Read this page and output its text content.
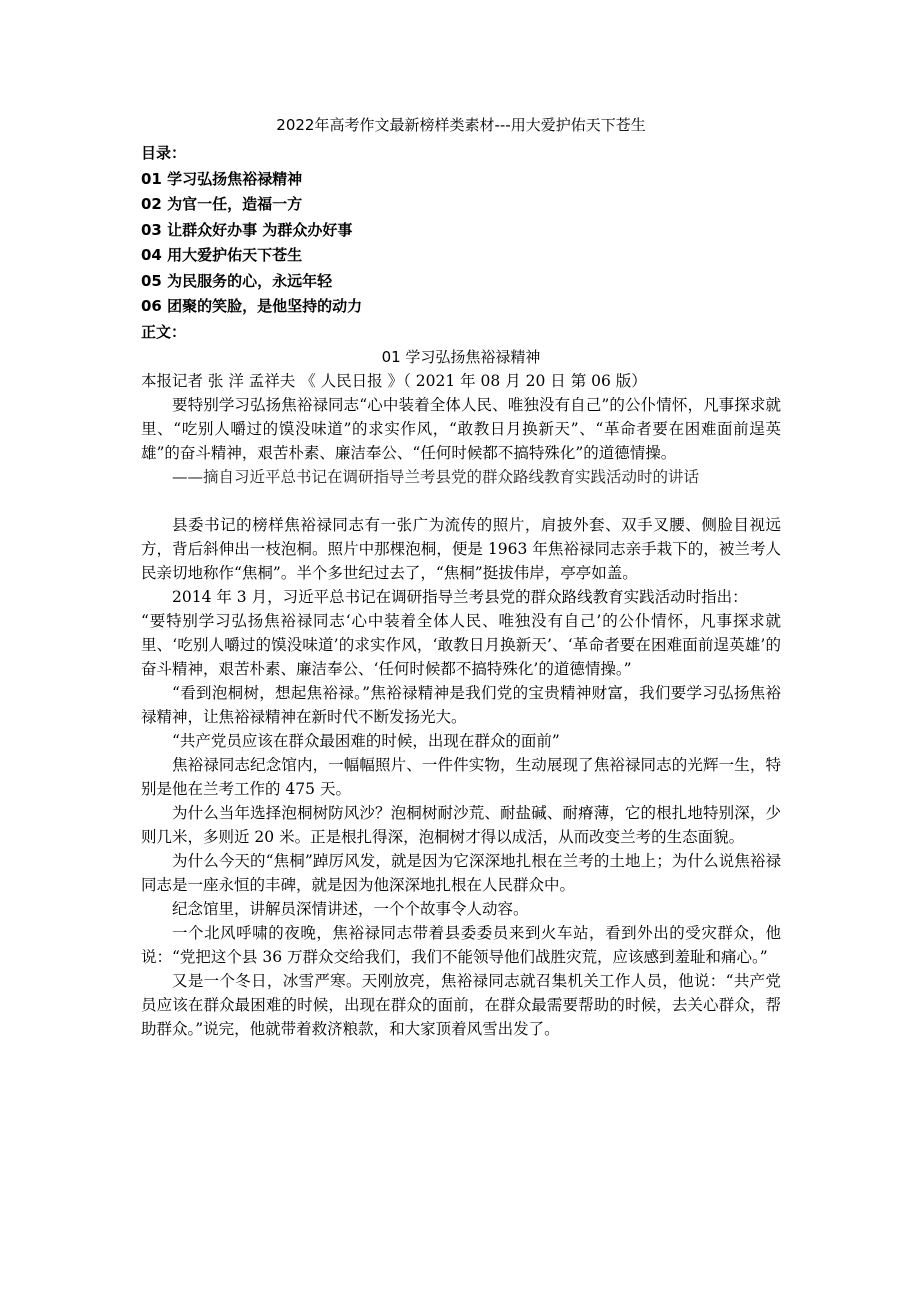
2022年高考作文最新榜样类素材---用大爱护佑天下苍生

目录：

01 学习弘扬焦裕禄精神

02 为官一任，造福一方

03 让群众好办事 为群众办好事

04 用大爱护佑天下苍生

05 为民服务的心，永远年轻

06 团聚的笑脸，是他坚持的动力

正文：

01 学习弘扬焦裕禄精神

本报记者 张 洋 孟祥夫 《 人民日报 》（ 2021 年 08 月 20 日 第 06 版）

要特别学习弘扬焦裕禄同志“心中装着全体人民、唯独没有自己”的公仆情怀，凡事探求就里、“吃别人嚼过的馍没味道”的求实作风，“敢教日月换新天”、“革命者要在困难面前逞英雄”的奋斗精神，艰苦朴素、廉洁奉公、“任何时候都不搞特殊化”的道德情操。

——摘自习近平总书记在调研指导兰考县党的群众路线教育实践活动时的讲话

县委书记的榜样焦裕禄同志有一张广为流传的照片，肩披外套、双手叉腰、侧脸目视远方，背后斜伸出一枝泡桐。照片中那棵泡桐，便是 1963 年焦裕禄同志亲手栽下的，被兰考人民亲切地称作“焦桐”。半个多世纪过去了，“焦桐”挺拔伟岸，亭亭如盖。

2014 年 3 月，习近平总书记在调研指导兰考县党的群众路线教育实践活动时指出：

“要特别学习弘扬焦裕禄同志‘心中装着全体人民、唯独没有自己’的公仆情怀，凡事探求就里、‘吃别人嚼过的馍没味道’的求实作风，‘敢教日月换新天’、‘革命者要在困难面前逞英雄’的奋斗精神，艰苦朴素、廉洁奉公、‘任何时候都不搞特殊化’的道德情操。”

“看到泡桐树，想起焦裕禄。”焦裕禄精神是我们党的宝贵精神财富，我们要学习弘扬焦裕禄精神，让焦裕禄精神在新时代不断发扬光大。

“共产党员应该在群众最困难的时候，出现在群众的面前”

焦裕禄同志纪念馆内，一幅幅照片、一件件实物，生动展现了焦裕禄同志的光辉一生，特别是他在兰考工作的 475 天。

为什么当年选择泡桐树防风沙？泡桐树耐沙荒、耐盐碱、耐瘠薄，它的根扎地特别深，少则几米，多则近 20 米。正是根扎得深，泡桐树才得以成活，从而改变兰考的生态面貌。

为什么今天的“焦桐”踔厉风发，就是因为它深深地扎根在兰考的土地上；为什么说焦裕禄同志是一座永恒的丰碑，就是因为他深深地扎根在人民群众中。

纪念馆里，讲解员深情讲述，一个个故事令人动容。

一个北风呼啸的夜晚，焦裕禄同志带着县委委员来到火车站，看到外出的受灾群众，他说：“党把这个县 36 万群众交给我们，我们不能领导他们战胜灾荒，应该感到羞耻和痛心。”

又是一个冬日，冰雪严寒。天刚放亮，焦裕禄同志就召集机关工作人员，他说：“共产党员应该在群众最困难的时候，出现在群众的面前，在群众最需要帮助的时候，去关心群众，帮助群众。”说完，他就带着救济粮款，和大家顶着风雪出发了。
